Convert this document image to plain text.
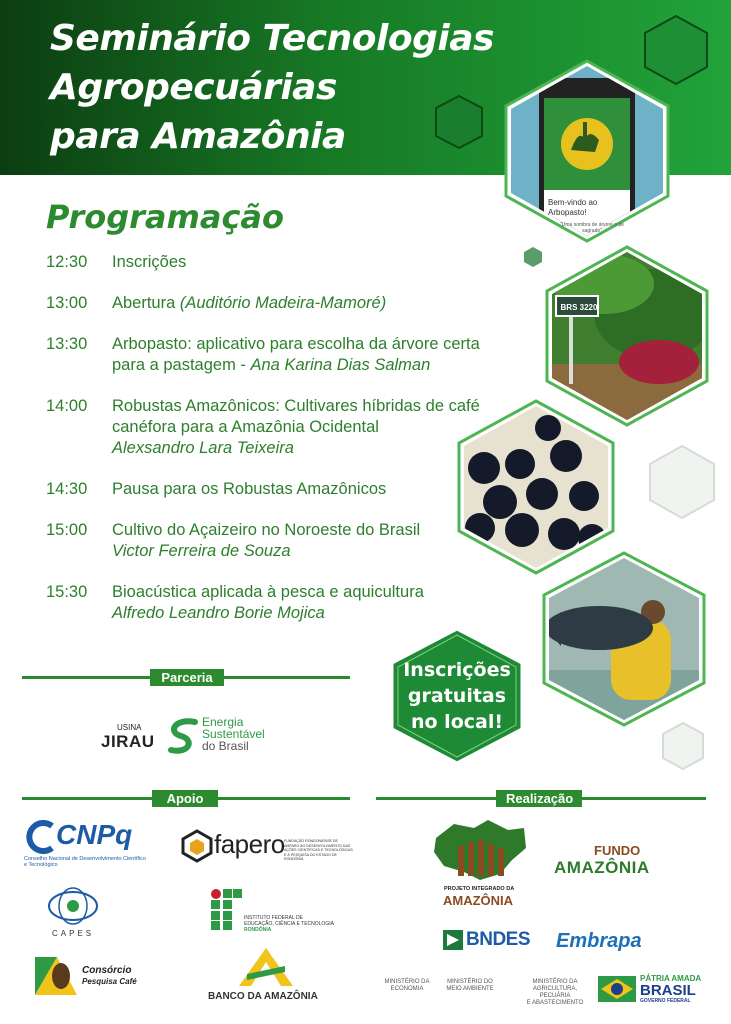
Seminário Tecnologias
Agropecuárias
para Amazônia
Bem-vindo ao Arbopasto!
"Uma sombra de árvore o pé sagrado"
BRS 3220
Programação
12:30	Inscrições
13:00	Abertura (Auditório Madeira-Mamoré)
13:30	Arbopasto: aplicativo para escolha da árvore certa para a pastagem - Ana Karina Dias Salman
14:00	Robustas Amazônicos: Cultivares híbridas de café canéfora para a Amazônia Ocidental
Alexsandro Lara Teixeira
14:30	Pausa para os Robustas Amazônicos
15:00	Cultivo do Açaizeiro no Noroeste do Brasil
Victor Ferreira de Souza
15:30	Bioacústica aplicada à pesca e aquicultura
Alfredo Leandro Borie Mojica
Inscrições
gratuitas
no local!
Parceria
USINA
JIRAU
Energia
Sustentável
do Brasil
Apoio	Realização
CNPq
Conselho Nacional de Desenvolvimento Científico e Tecnológico
fapero FUNDAÇÃO RONDONIENSE DE AMPARO AO DESENVOLVIMENTO DAS AÇÕES CIENTÍFICAS E TECNOLÓGICAS E À PESQUISA DO ESTADO DE RONDÔNIA
CAPES
INSTITUTO FEDERAL DE
EDUCAÇÃO, CIÊNCIA E TECNOLOGIA
RONDÔNIA
Consórcio
Pesquisa Café
BANCO DA AMAZÔNIA
PROJETO INTEGRADO DA
AMAZÔNIA
FUNDO
AMAZÔNIA
BNDES Embrapa
MINISTÉRIO DA
ECONOMIA
MINISTÉRIO DO
MEIO AMBIENTE
MINISTÉRIO DA
AGRICULTURA, PECUÁRIA
E ABASTECIMENTO
PÁTRIA AMADA
BRASIL
GOVERNO FEDERAL
